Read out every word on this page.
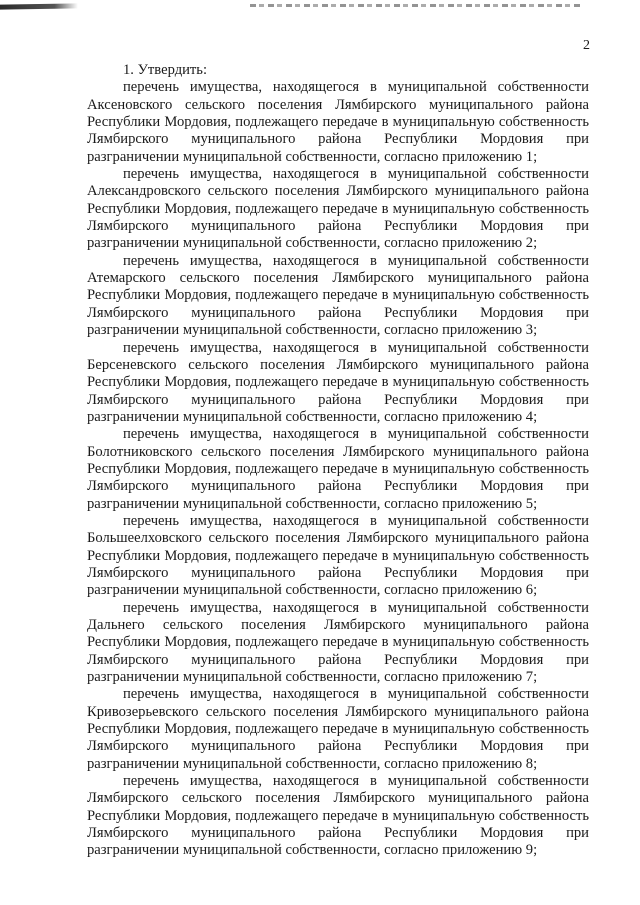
2

1. Утвердить:

перечень имущества, находящегося в муниципальной собственности Аксеновского сельского поселения Лямбирского муниципального района Республики Мордовия, подлежащего передаче в муниципальную собственность Лямбирского муниципального района Республики Мордовия при разграничении муниципальной собственности, согласно приложению 1;

перечень имущества, находящегося в муниципальной собственности Александровского сельского поселения Лямбирского муниципального района Республики Мордовия, подлежащего передаче в муниципальную собственность Лямбирского муниципального района Республики Мордовия при разграничении муниципальной собственности, согласно приложению 2;

перечень имущества, находящегося в муниципальной собственности Атемарского сельского поселения Лямбирского муниципального района Республики Мордовия, подлежащего передаче в муниципальную собственность Лямбирского муниципального района Республики Мордовия при разграничении муниципальной собственности, согласно приложению 3;

перечень имущества, находящегося в муниципальной собственности Берсеневского сельского поселения Лямбирского муниципального района Республики Мордовия, подлежащего передаче в муниципальную собственность Лямбирского муниципального района Республики Мордовия при разграничении муниципальной собственности, согласно приложению 4;

перечень имущества, находящегося в муниципальной собственности Болотниковского сельского поселения Лямбирского муниципального района Республики Мордовия, подлежащего передаче в муниципальную собственность Лямбирского муниципального района Республики Мордовия при разграничении муниципальной собственности, согласно приложению 5;

перечень имущества, находящегося в муниципальной собственности Большеелховского сельского поселения Лямбирского муниципального района Республики Мордовия, подлежащего передаче в муниципальную собственность Лямбирского муниципального района Республики Мордовия при разграничении муниципальной собственности, согласно приложению 6;

перечень имущества, находящегося в муниципальной собственности Дальнего сельского поселения Лямбирского муниципального района Республики Мордовия, подлежащего передаче в муниципальную собственность Лямбирского муниципального района Республики Мордовия при разграничении муниципальной собственности, согласно приложению 7;

перечень имущества, находящегося в муниципальной собственности Кривозерьевского сельского поселения Лямбирского муниципального района Республики Мордовия, подлежащего передаче в муниципальную собственность Лямбирского муниципального района Республики Мордовия при разграничении муниципальной собственности, согласно приложению 8;

перечень имущества, находящегося в муниципальной собственности Лямбирского сельского поселения Лямбирского муниципального района Республики Мордовия, подлежащего передаче в муниципальную собственность Лямбирского муниципального района Республики Мордовия при разграничении муниципальной собственности, согласно приложению 9;
